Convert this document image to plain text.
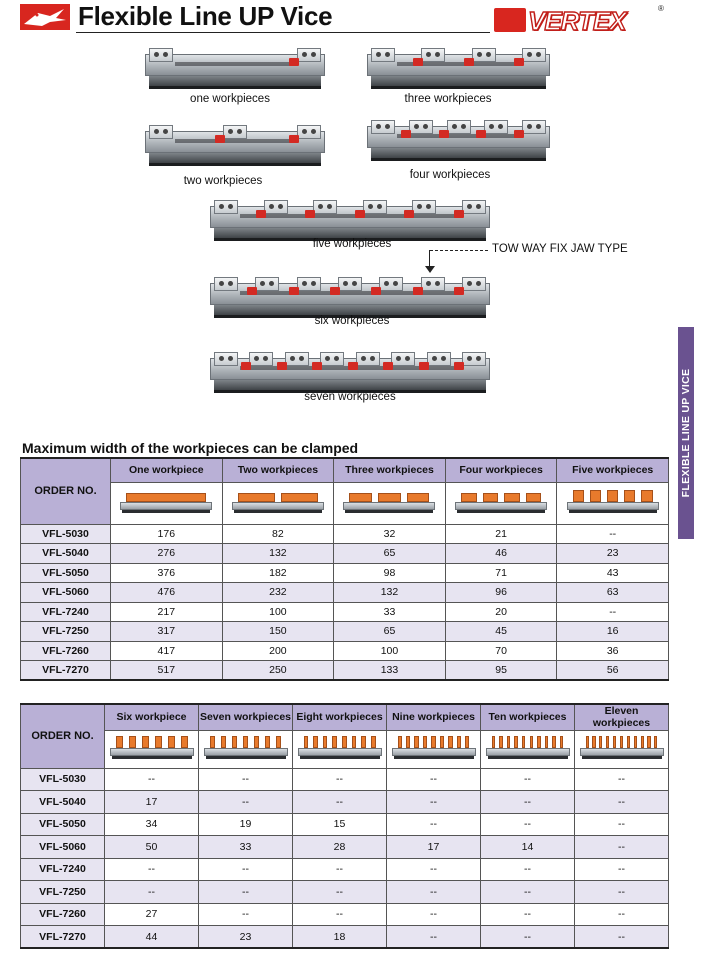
Flexible Line UP Vice	VERTEX	®
FLEXIBLE LINE UP VICE
one workpieces	three workpieces
two workpieces	four workpieces
five workpieces
six workpieces
seven workpieces
TOW WAY FIX JAW TYPE
Maximum width of the workpieces can be clamped
ORDER NO.	One workpiece	Two workpieces	Three workpieces	Four workpieces	Five workpieces

VFL-5030	176	82	32	21	--
VFL-5040	276	132	65	46	23
VFL-5050	376	182	98	71	43
VFL-5060	476	232	132	96	63
VFL-7240	217	100	33	20	--
VFL-7250	317	150	65	45	16
VFL-7260	417	200	100	70	36
VFL-7270	517	250	133	95	56
ORDER NO.	Six workpiece	Seven workpieces	Eight workpieces	Nine workpieces	Ten workpieces	Eleven workpieces

VFL-5030	--	--	--	--	--	--
VFL-5040	17	--	--	--	--	--
VFL-5050	34	19	15	--	--	--
VFL-5060	50	33	28	17	14	--
VFL-7240	--	--	--	--	--	--
VFL-7250	--	--	--	--	--	--
VFL-7260	27	--	--	--	--	--
VFL-7270	44	23	18	--	--	--
